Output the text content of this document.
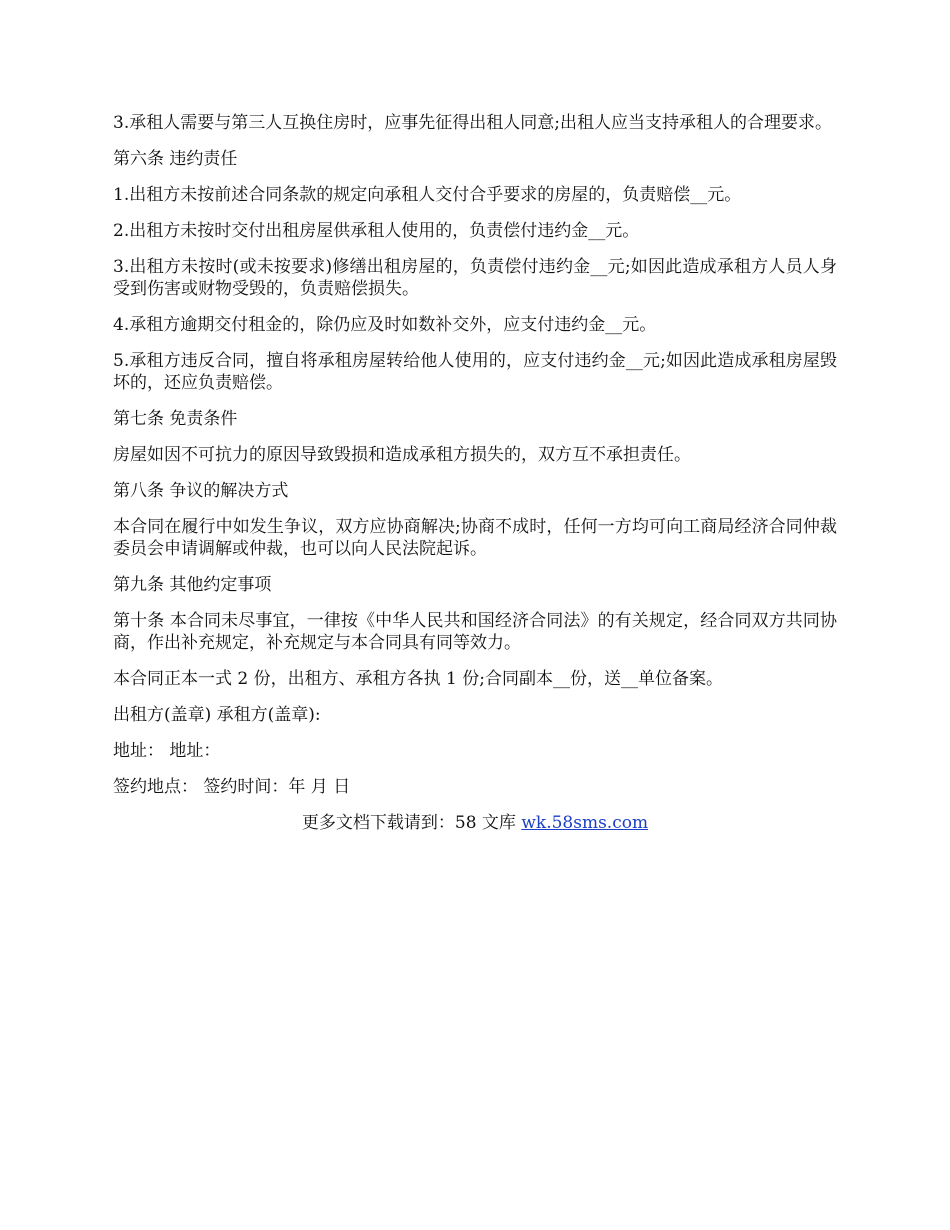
3.承租人需要与第三人互换住房时，应事先征得出租人同意;出租人应当支持承租人的合理要求。

第六条 违约责任

1.出租方未按前述合同条款的规定向承租人交付合乎要求的房屋的，负责赔偿__元。

2.出租方未按时交付出租房屋供承租人使用的，负责偿付违约金__元。

3.出租方未按时(或未按要求)修缮出租房屋的，负责偿付违约金__元;如因此造成承租方人员人身受到伤害或财物受毁的，负责赔偿损失。

4.承租方逾期交付租金的，除仍应及时如数补交外，应支付违约金__元。

5.承租方违反合同，擅自将承租房屋转给他人使用的，应支付违约金__元;如因此造成承租房屋毁坏的，还应负责赔偿。

第七条 免责条件

房屋如因不可抗力的原因导致毁损和造成承租方损失的，双方互不承担责任。

第八条 争议的解决方式

本合同在履行中如发生争议，双方应协商解决;协商不成时，任何一方均可向工商局经济合同仲裁委员会申请调解或仲裁，也可以向人民法院起诉。

第九条 其他约定事项

第十条 本合同未尽事宜，一律按《中华人民共和国经济合同法》的有关规定，经合同双方共同协商，作出补充规定，补充规定与本合同具有同等效力。

本合同正本一式 2 份，出租方、承租方各执 1 份;合同副本__份，送__单位备案。

出租方(盖章) 承租方(盖章):

地址： 地址：

签约地点： 签约时间：年 月 日

更多文档下载请到：58 文库 wk.58sms.com
